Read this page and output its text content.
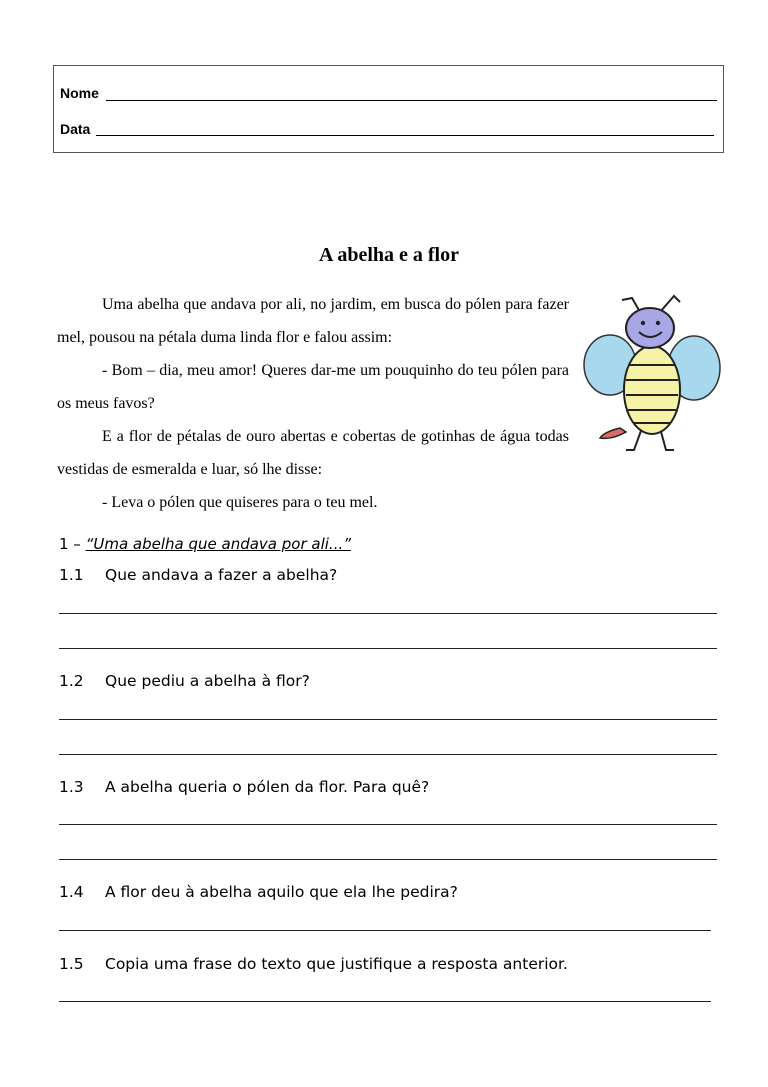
Nome
Data
A abelha e a flor

Uma abelha que andava por ali, no jardim, em busca do pólen para fazer mel, pousou na pétala duma linda flor e falou assim:

- Bom – dia, meu amor! Queres dar-me um pouquinho do teu pólen para os meus favos?

E a flor de pétalas de ouro abertas e cobertas de gotinhas de água todas vestidas de esmeralda e luar, só lhe disse:

- Leva o pólen que quiseres para o teu mel.

1 – “Uma abelha que andava por ali...”
1.1 Que andava a fazer a abelha?
1.2 Que pediu a abelha à flor?
1.3 A abelha queria o pólen da flor. Para quê?
1.4 A flor deu à abelha aquilo que ela lhe pedira?
1.5 Copia uma frase do texto que justifique a resposta anterior.
